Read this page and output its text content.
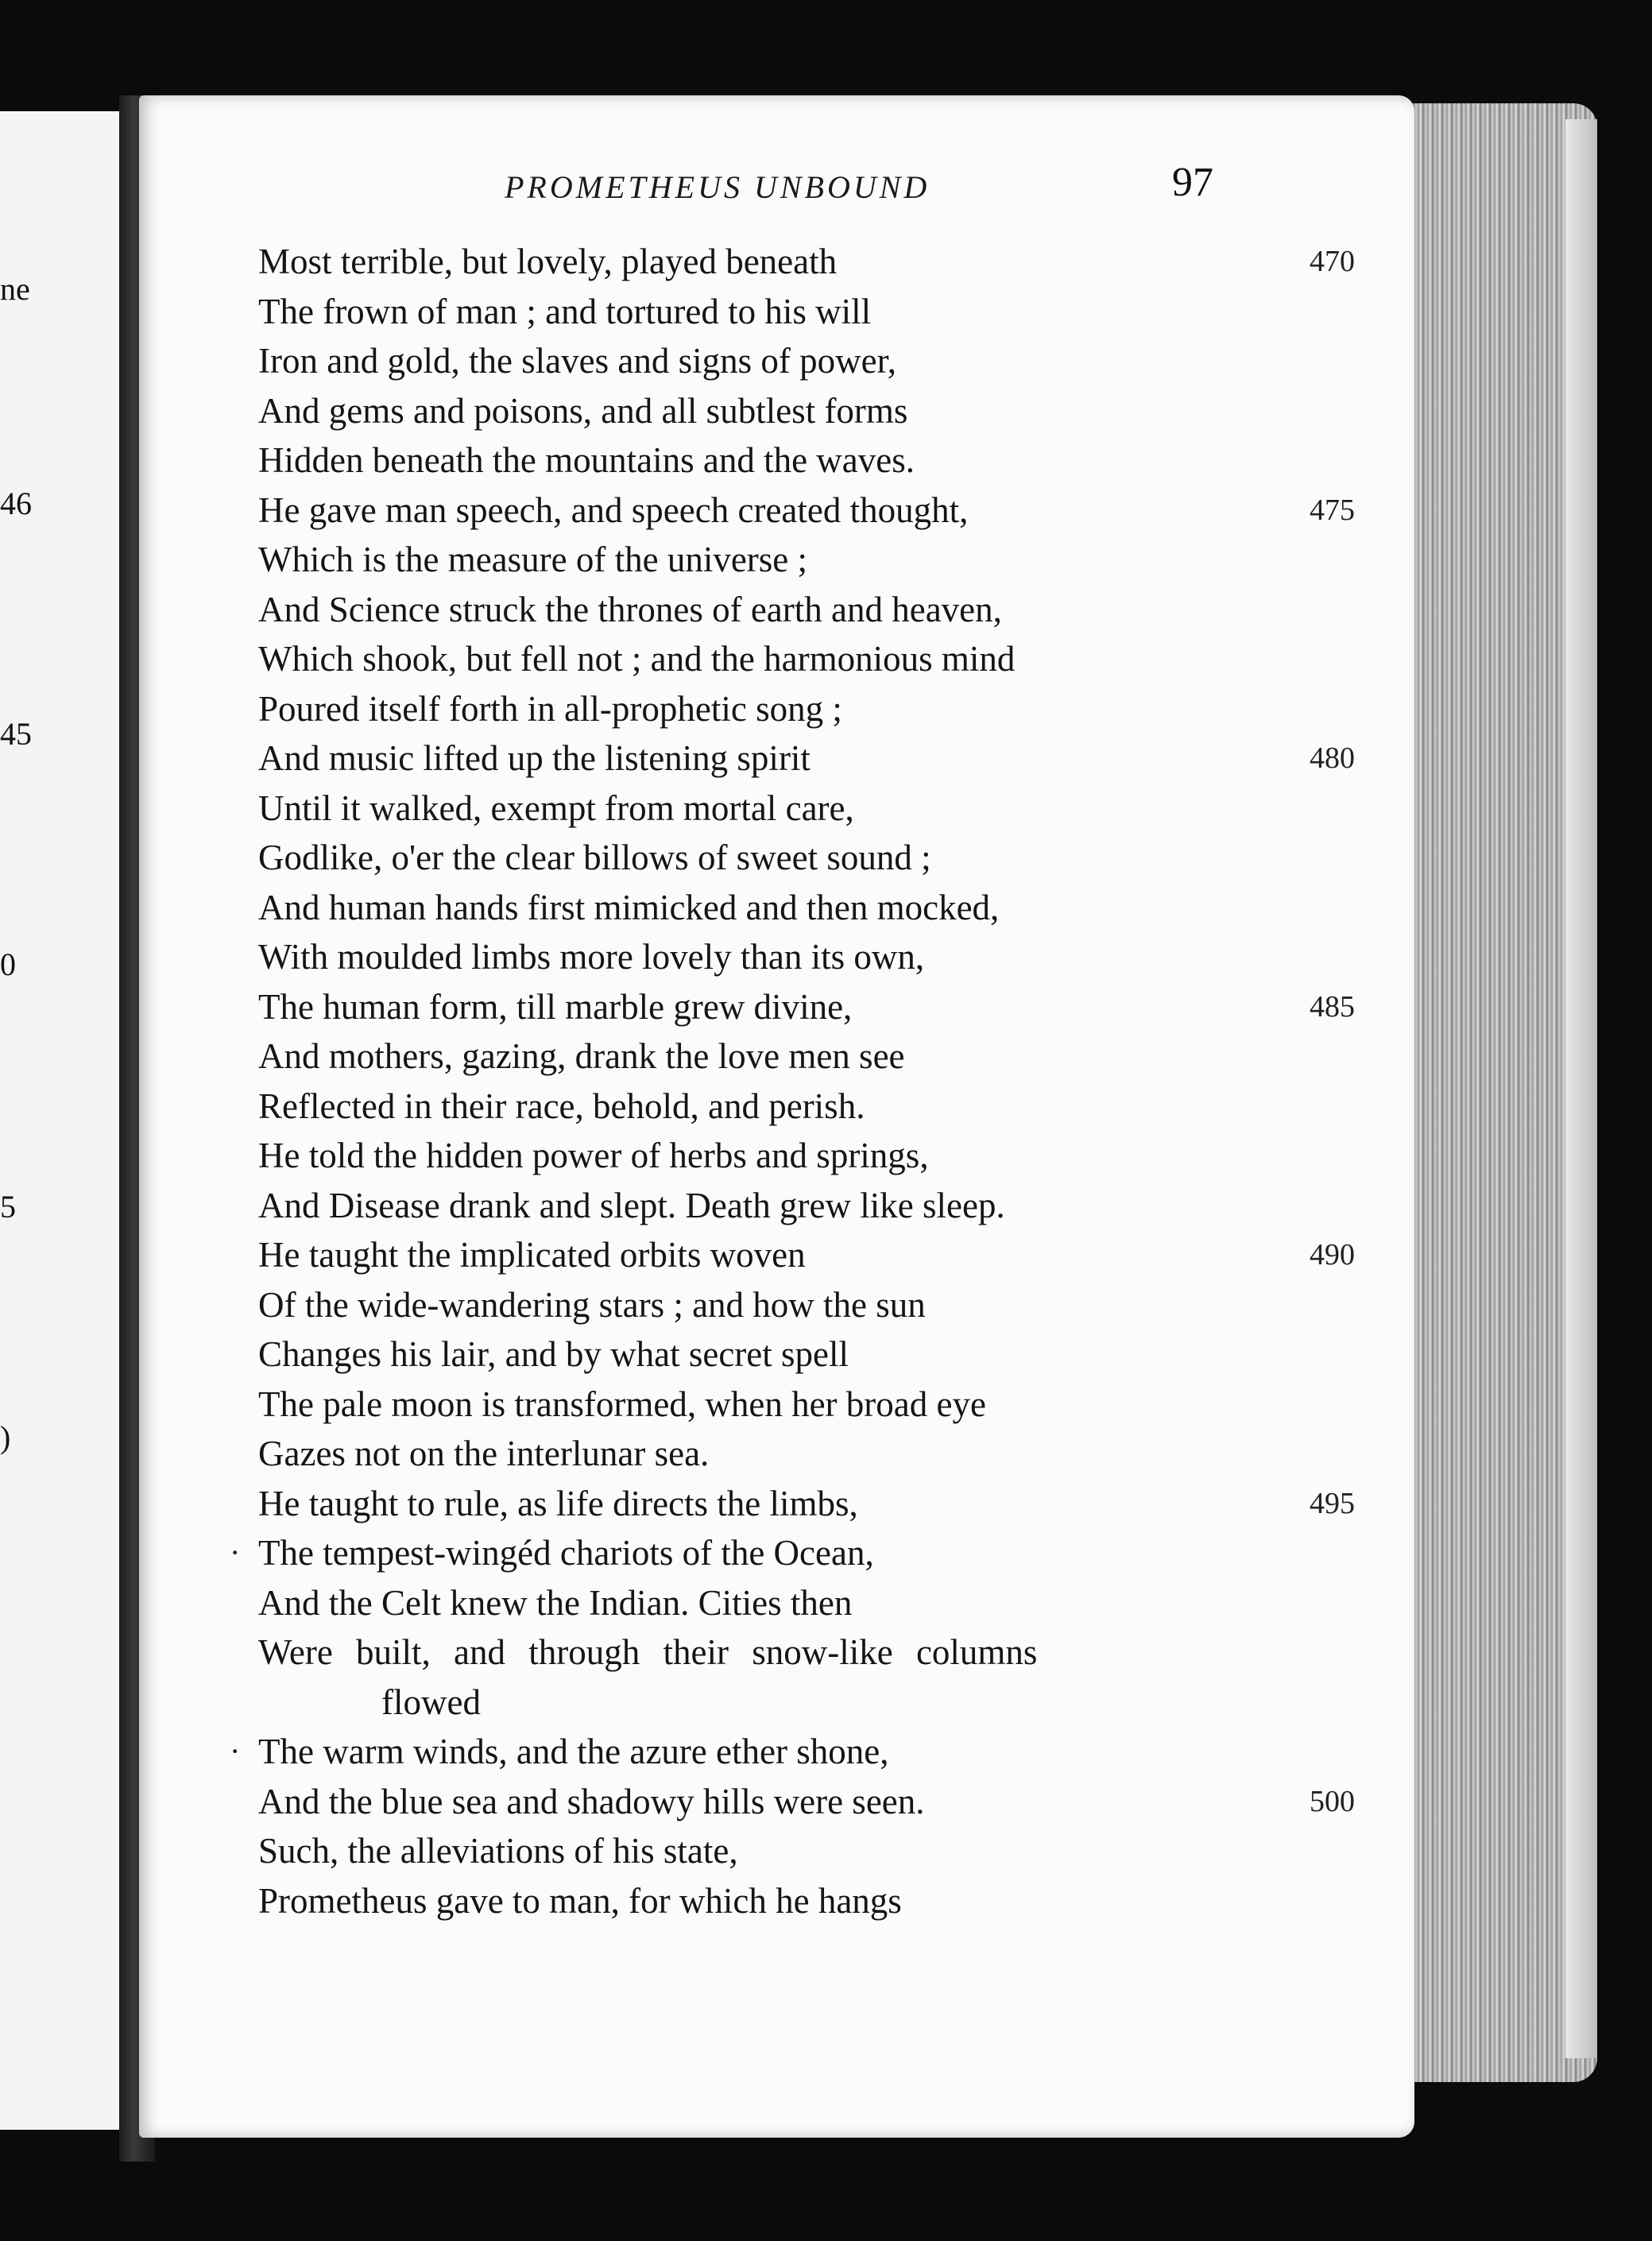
ne
46
45
0
5
)
PROMETHEUS UNBOUND	97
Most terrible, but lovely, played beneath	470
The frown of man ; and tortured to his will
Iron and gold, the slaves and signs of power,
And gems and poisons, and all subtlest forms
Hidden beneath the mountains and the waves.
He gave man speech, and speech created thought,	475
Which is the measure of the universe ;
And Science struck the thrones of earth and heaven,
Which shook, but fell not ; and the harmonious mind
Poured itself forth in all-prophetic song ;
And music lifted up the listening spirit	480
Until it walked, exempt from mortal care,
Godlike, o'er the clear billows of sweet sound ;
And human hands first mimicked and then mocked,
With moulded limbs more lovely than its own,
The human form, till marble grew divine,	485
And mothers, gazing, drank the love men see
Reflected in their race, behold, and perish.
He told the hidden power of herbs and springs,
And Disease drank and slept. Death grew like sleep.
He taught the implicated orbits woven	490
Of the wide-wandering stars ; and how the sun
Changes his lair, and by what secret spell
The pale moon is transformed, when her broad eye
Gazes not on the interlunar sea.
He taught to rule, as life directs the limbs,	495
· The tempest-wingéd chariots of the Ocean,
And the Celt knew the Indian. Cities then
Were built, and through their snow-like columns
flowed
· The warm winds, and the azure ether shone,
And the blue sea and shadowy hills were seen.	500
Such, the alleviations of his state,
Prometheus gave to man, for which he hangs
